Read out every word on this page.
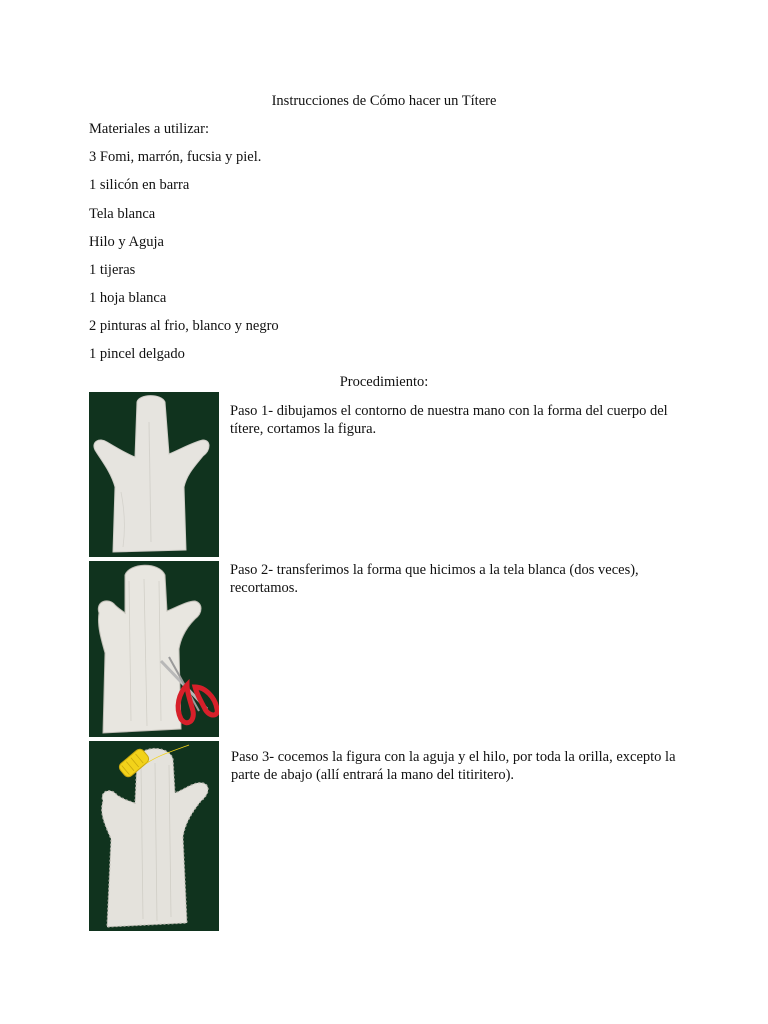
Instrucciones de Cómo hacer un Títere
Materiales a utilizar:
3 Fomi, marrón, fucsia y piel.
1 silicón en barra
Tela blanca
Hilo y Aguja
1 tijeras
1 hoja blanca
2 pinturas al frio, blanco y negro
1 pincel delgado
Procedimiento:
Paso 1- dibujamos el contorno de nuestra mano con la forma del cuerpo del títere, cortamos la figura.
Paso 2- transferimos la forma que hicimos a la tela blanca (dos veces), recortamos.
Paso 3- cocemos la figura con la aguja y el hilo, por toda la orilla, excepto la parte de abajo (allí entrará la mano del titiritero).
